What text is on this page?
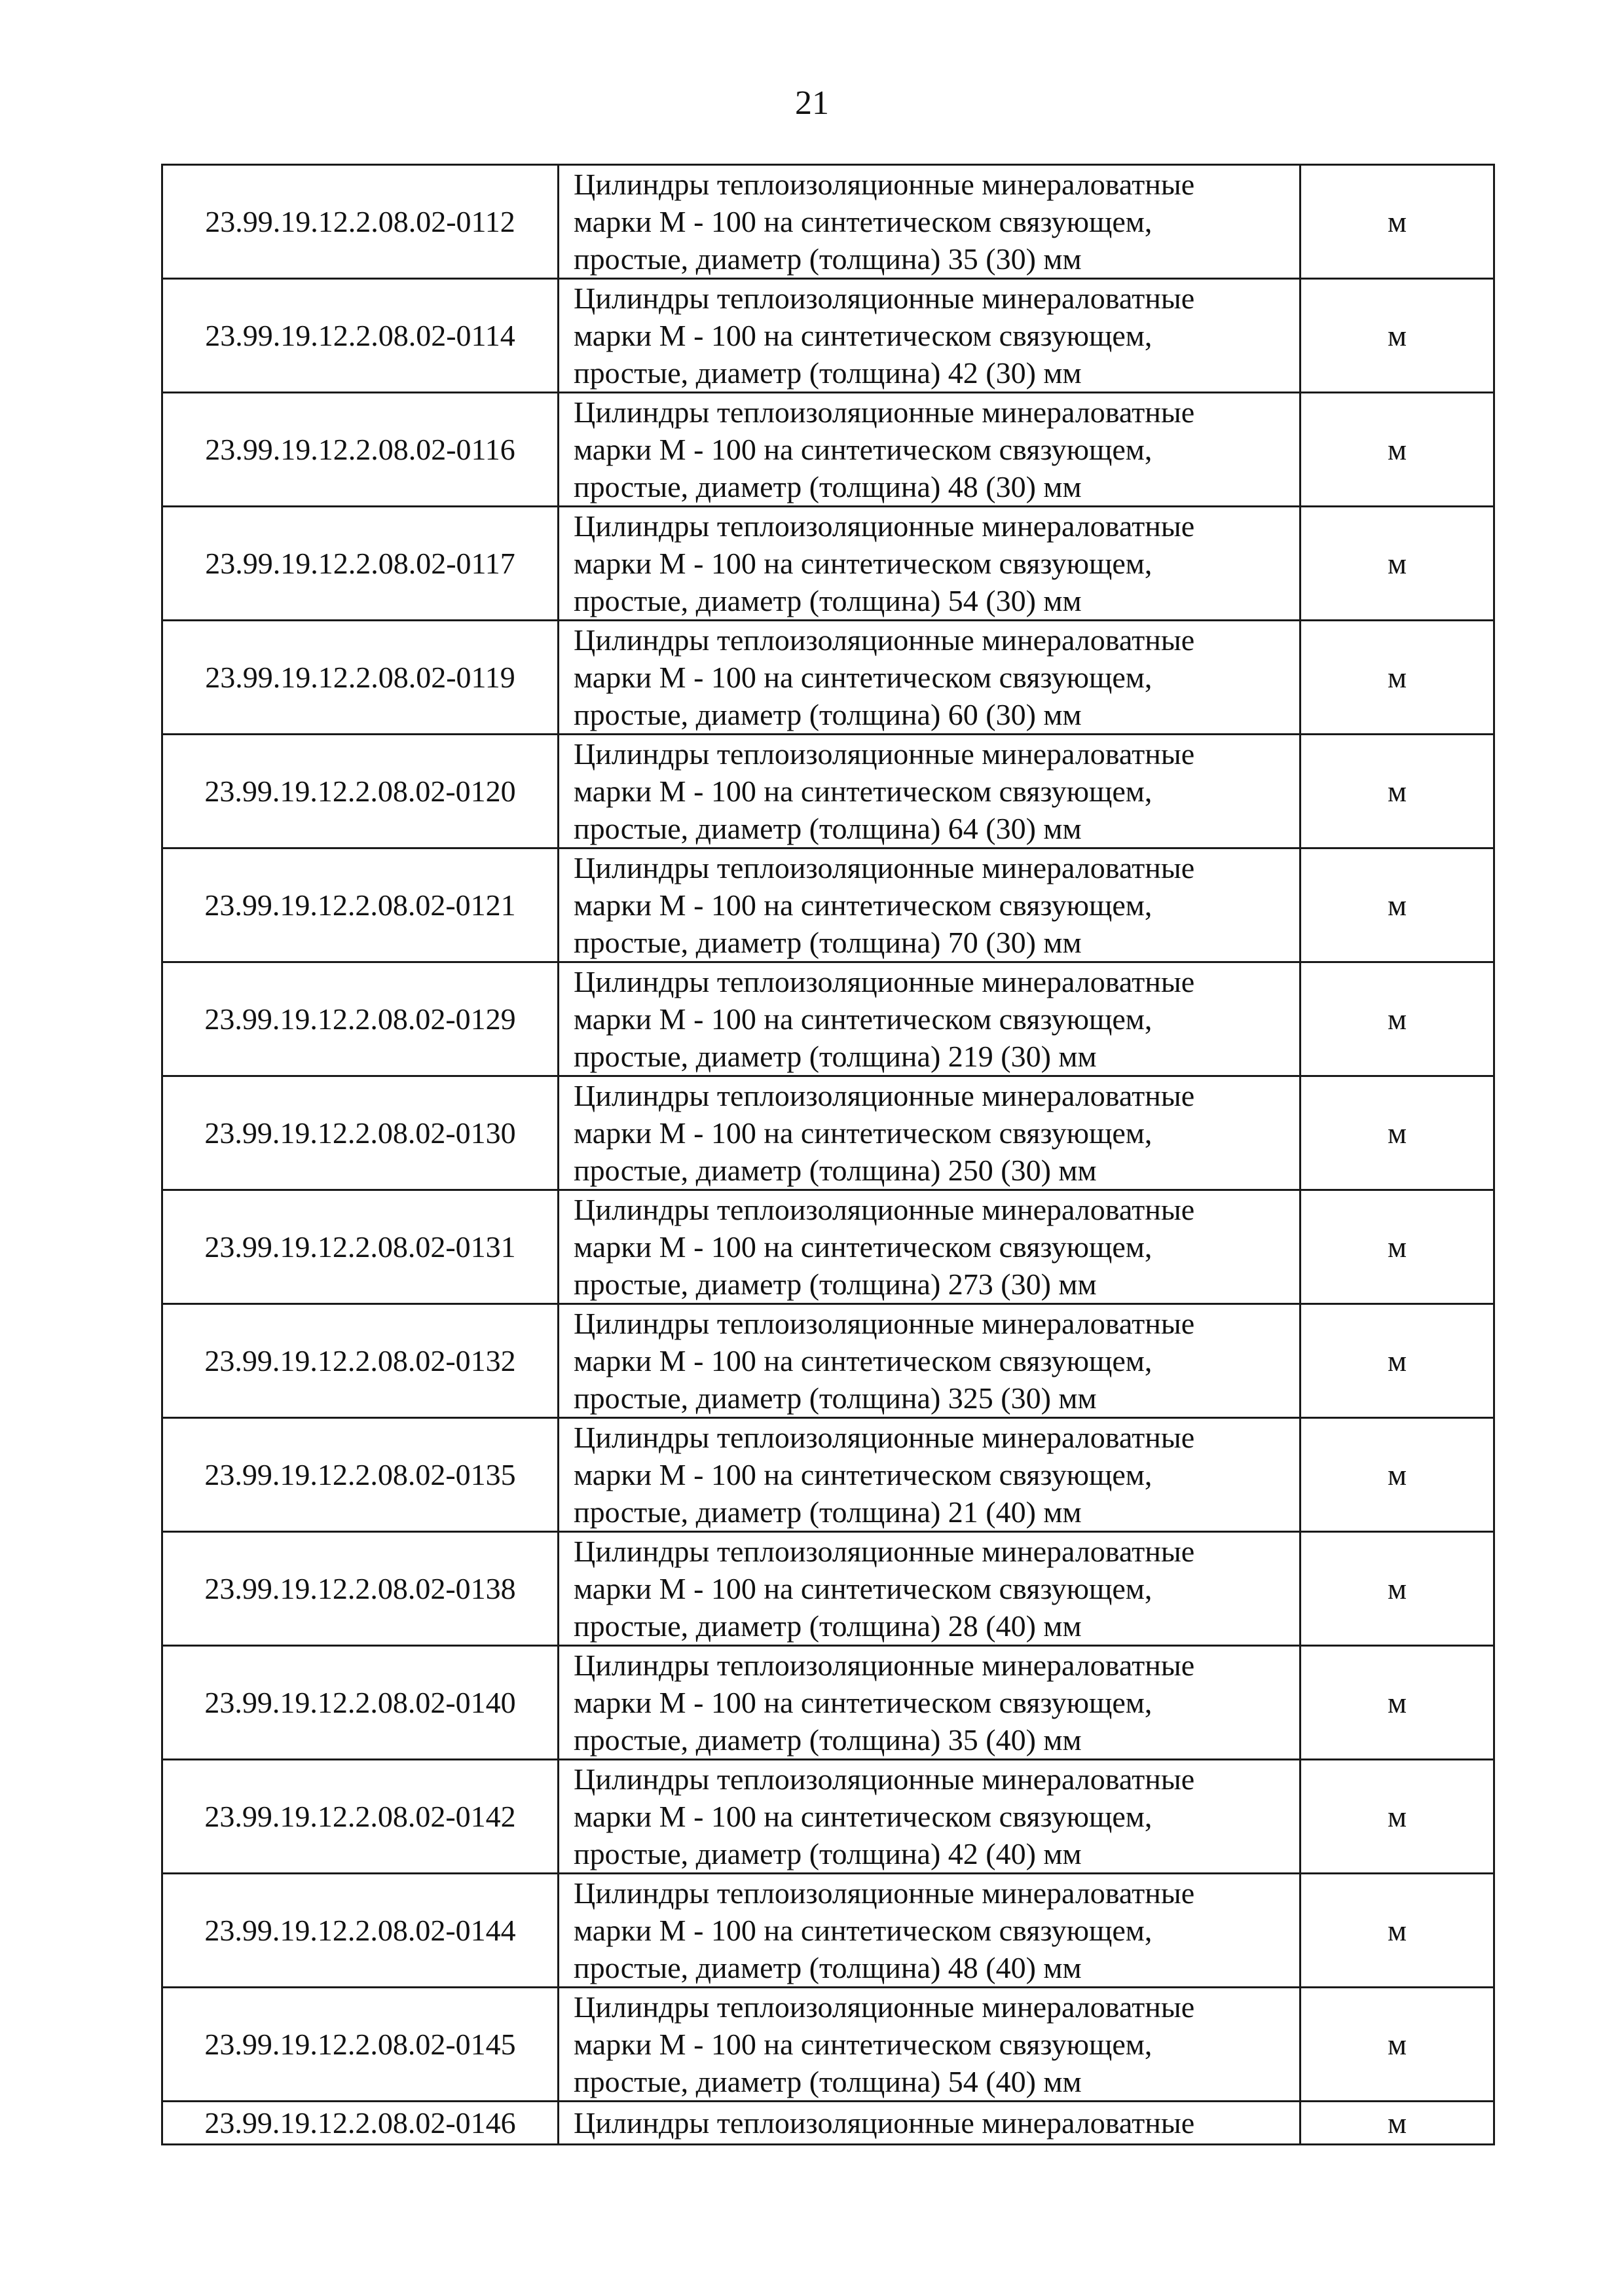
21
23.99.19.12.2.08.02-0112	Цилиндры теплоизоляционные минераловатные
марки М - 100 на синтетическом связующем,
простые, диаметр (толщина) 35 (30) мм	м
23.99.19.12.2.08.02-0114	Цилиндры теплоизоляционные минераловатные
марки М - 100 на синтетическом связующем,
простые, диаметр (толщина) 42 (30) мм	м
23.99.19.12.2.08.02-0116	Цилиндры теплоизоляционные минераловатные
марки М - 100 на синтетическом связующем,
простые, диаметр (толщина) 48 (30) мм	м
23.99.19.12.2.08.02-0117	Цилиндры теплоизоляционные минераловатные
марки М - 100 на синтетическом связующем,
простые, диаметр (толщина) 54 (30) мм	м
23.99.19.12.2.08.02-0119	Цилиндры теплоизоляционные минераловатные
марки М - 100 на синтетическом связующем,
простые, диаметр (толщина) 60 (30) мм	м
23.99.19.12.2.08.02-0120	Цилиндры теплоизоляционные минераловатные
марки М - 100 на синтетическом связующем,
простые, диаметр (толщина) 64 (30) мм	м
23.99.19.12.2.08.02-0121	Цилиндры теплоизоляционные минераловатные
марки М - 100 на синтетическом связующем,
простые, диаметр (толщина) 70 (30) мм	м
23.99.19.12.2.08.02-0129	Цилиндры теплоизоляционные минераловатные
марки М - 100 на синтетическом связующем,
простые, диаметр (толщина) 219 (30) мм	м
23.99.19.12.2.08.02-0130	Цилиндры теплоизоляционные минераловатные
марки М - 100 на синтетическом связующем,
простые, диаметр (толщина) 250 (30) мм	м
23.99.19.12.2.08.02-0131	Цилиндры теплоизоляционные минераловатные
марки М - 100 на синтетическом связующем,
простые, диаметр (толщина) 273 (30) мм	м
23.99.19.12.2.08.02-0132	Цилиндры теплоизоляционные минераловатные
марки М - 100 на синтетическом связующем,
простые, диаметр (толщина) 325 (30) мм	м
23.99.19.12.2.08.02-0135	Цилиндры теплоизоляционные минераловатные
марки М - 100 на синтетическом связующем,
простые, диаметр (толщина) 21 (40) мм	м
23.99.19.12.2.08.02-0138	Цилиндры теплоизоляционные минераловатные
марки М - 100 на синтетическом связующем,
простые, диаметр (толщина) 28 (40) мм	м
23.99.19.12.2.08.02-0140	Цилиндры теплоизоляционные минераловатные
марки М - 100 на синтетическом связующем,
простые, диаметр (толщина) 35 (40) мм	м
23.99.19.12.2.08.02-0142	Цилиндры теплоизоляционные минераловатные
марки М - 100 на синтетическом связующем,
простые, диаметр (толщина) 42 (40) мм	м
23.99.19.12.2.08.02-0144	Цилиндры теплоизоляционные минераловатные
марки М - 100 на синтетическом связующем,
простые, диаметр (толщина) 48 (40) мм	м
23.99.19.12.2.08.02-0145	Цилиндры теплоизоляционные минераловатные
марки М - 100 на синтетическом связующем,
простые, диаметр (толщина) 54 (40) мм	м
23.99.19.12.2.08.02-0146	Цилиндры теплоизоляционные минераловатные	м
